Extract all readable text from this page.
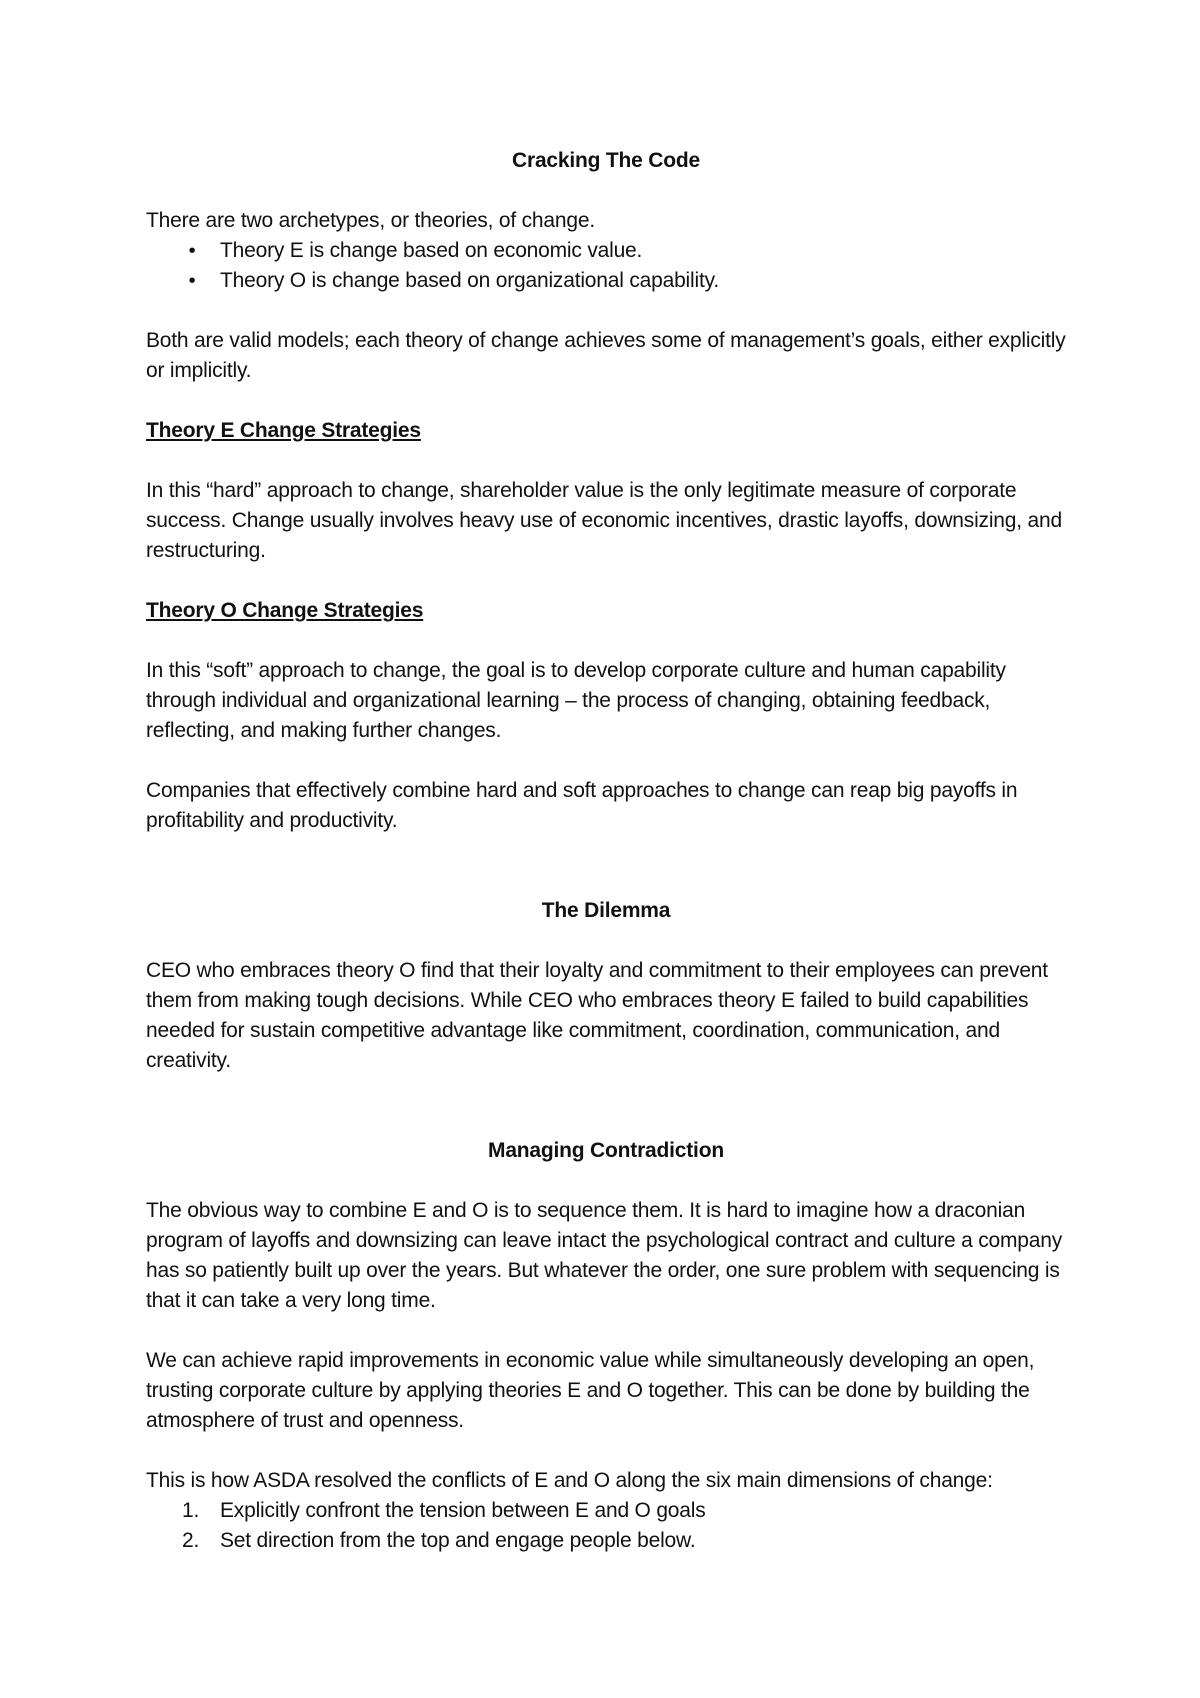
Cracking The Code

There are two archetypes, or theories, of change.

•	Theory E is change based on economic value.
•	Theory O is change based on organizational capability.

Both are valid models; each theory of change achieves some of management’s goals, either explicitly or implicitly.

Theory E Change Strategies

In this “hard” approach to change, shareholder value is the only legitimate measure of corporate success. Change usually involves heavy use of economic incentives, drastic layoffs, downsizing, and restructuring.

Theory O Change Strategies

In this “soft” approach to change, the goal is to develop corporate culture and human capability through individual and organizational learning – the process of changing, obtaining feedback, reflecting, and making further changes.

Companies that effectively combine hard and soft approaches to change can reap big payoffs in profitability and productivity.

The Dilemma

CEO who embraces theory O find that their loyalty and commitment to their employees can prevent them from making tough decisions. While CEO who embraces theory E failed to build capabilities needed for sustain competitive advantage like commitment, coordination, communication, and creativity.

Managing Contradiction

The obvious way to combine E and O is to sequence them. It is hard to imagine how a draconian program of layoffs and downsizing can leave intact the psychological contract and culture a company has so patiently built up over the years. But whatever the order, one sure problem with sequencing is that it can take a very long time.

We can achieve rapid improvements in economic value while simultaneously developing an open, trusting corporate culture by applying theories E and O together. This can be done by building the atmosphere of trust and openness.

This is how ASDA resolved the conflicts of E and O along the six main dimensions of change:

1. Explicitly confront the tension between E and O goals
2. Set direction from the top and engage people below.
